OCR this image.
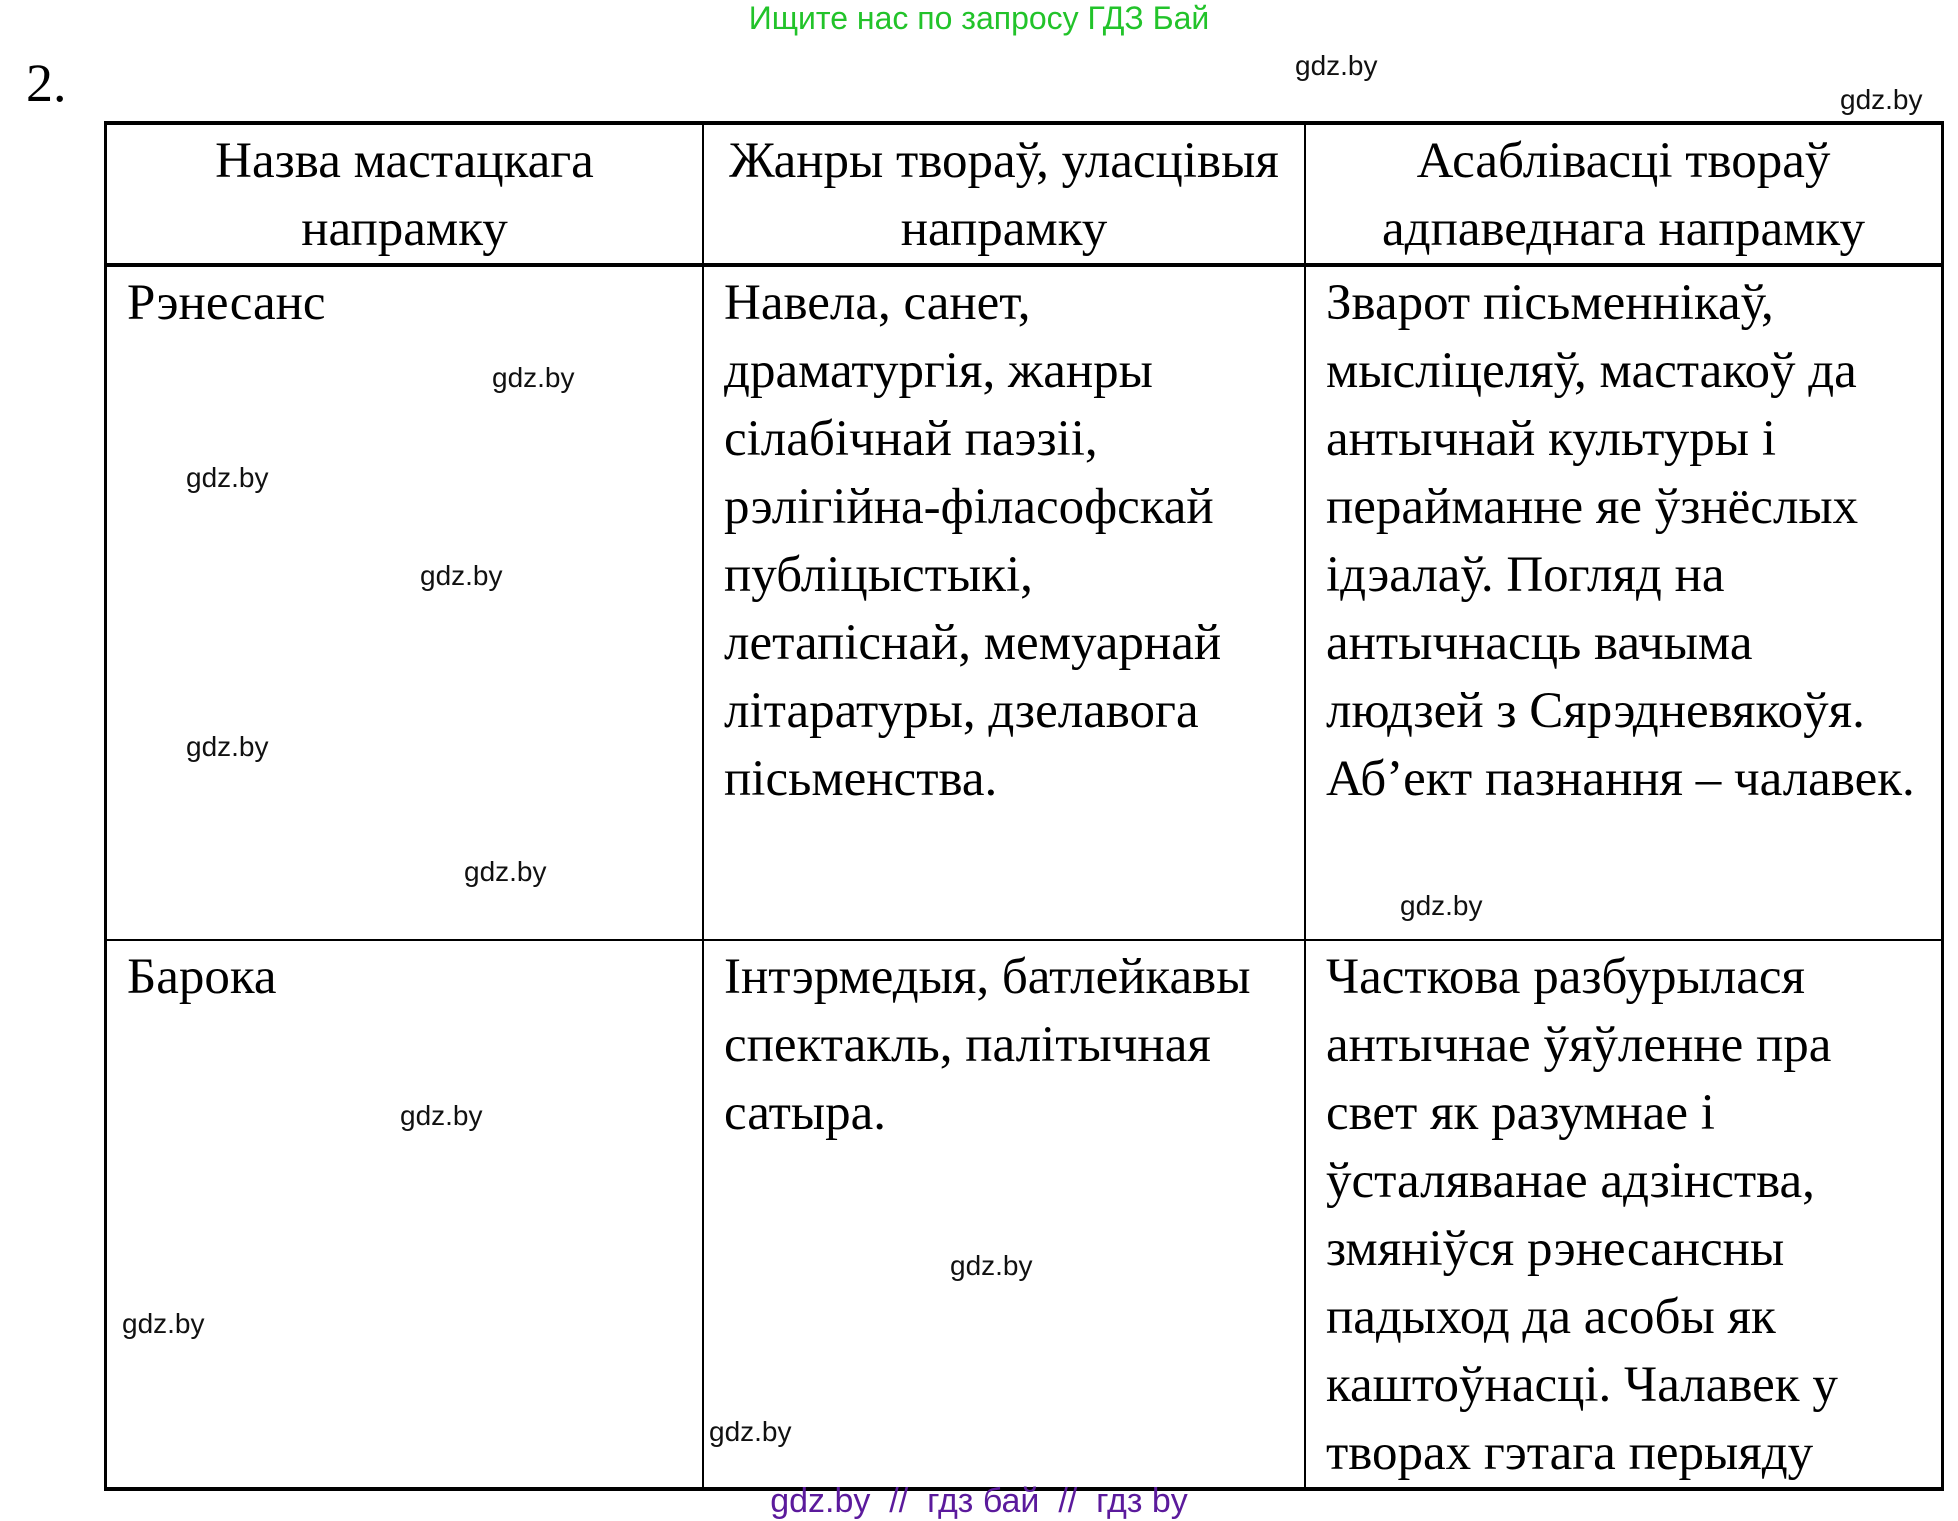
Ищите нас по запросу ГДЗ Бай
2.
Назва мастацкага напрамку	Жанры твораў, уласцівыя напрамку	Асаблівасці твораў адпаведнага напрамку
Рэнесанс	Навела, санет, драматургія, жанры сілабічнай паэзіі, рэлігійна-філасофскай публіцыстыкі, летапіснай, мемуарнай літаратуры, дзелавога пісьменства.	Зварот пісьменнікаў, мысліцеляў, мастакоў да антычнай культуры і перайманне яе ўзнёслых ідэалаў. Погляд на антычнасць вачыма людзей з Сярэдневякоўя. Аб’ект пазнання – чалавек.
Барока	Інтэрмедыя, батлейкавы спектакль, палітычная сатыра.	Часткова разбурылася антычнае ўяўленне пра свет як разумнае і ўсталяванае адзінства, змяніўся рэнесансны падыход да асобы як каштоўнасці. Чалавек у творах гэтага перыяду
gdz.by
gdz.by
gdz.by
gdz.by
gdz.by
gdz.by
gdz.by
gdz.by
gdz.by
gdz.by
gdz.by
gdz.by
gdz.by  //  гдз бай  //  гдз by
